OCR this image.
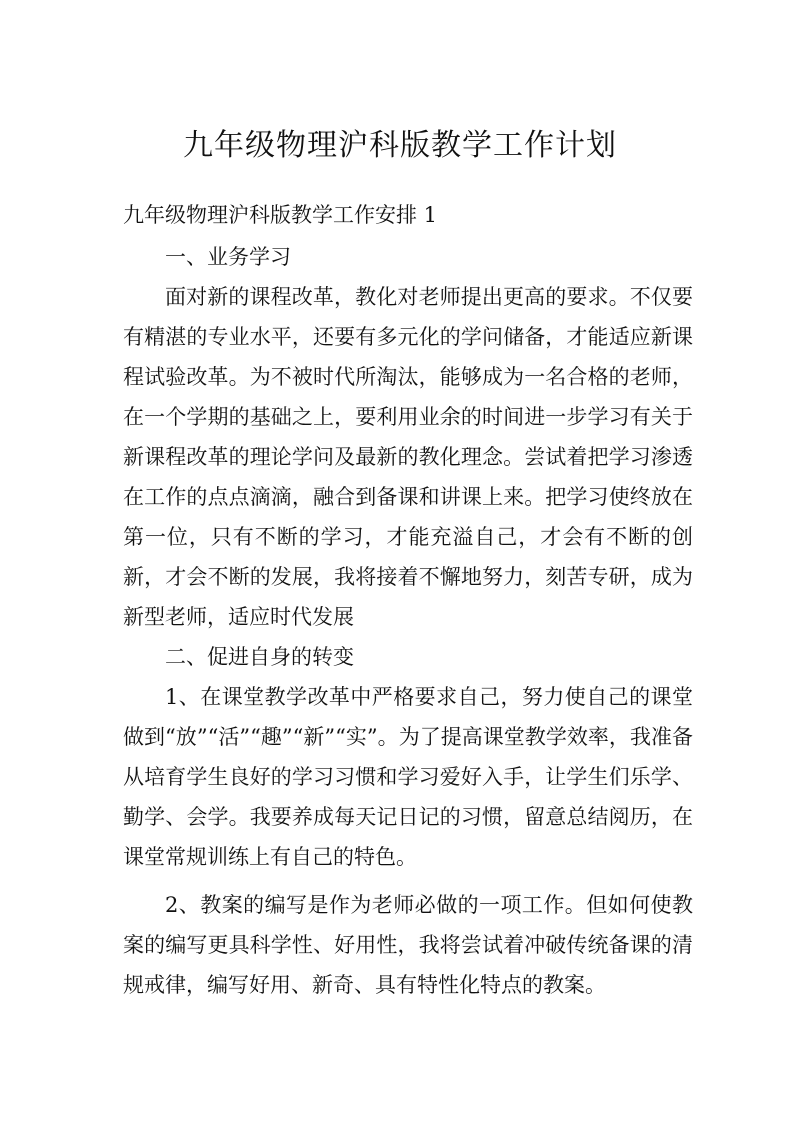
九年级物理沪科版教学工作计划

九年级物理沪科版教学工作安排 1

一、业务学习

面对新的课程改革，教化对老师提出更高的要求。不仅要有精湛的专业水平，还要有多元化的学问储备，才能适应新课程试验改革。为不被时代所淘汰，能够成为一名合格的老师，在一个学期的基础之上，要利用业余的时间进一步学习有关于新课程改革的理论学问及最新的教化理念。尝试着把学习渗透在工作的点点滴滴，融合到备课和讲课上来。把学习使终放在第一位，只有不断的学习，才能充溢自己，才会有不断的创新，才会不断的发展，我将接着不懈地努力，刻苦专研，成为新型老师，适应时代发展

二、促进自身的转变

1、在课堂教学改革中严格要求自己，努力使自己的课堂做到“放”“活”“趣”“新”“实”。为了提高课堂教学效率，我准备从培育学生良好的学习习惯和学习爱好入手，让学生们乐学、勤学、会学。我要养成每天记日记的习惯，留意总结阅历，在课堂常规训练上有自己的特色。

2、教案的编写是作为老师必做的一项工作。但如何使教案的编写更具科学性、好用性，我将尝试着冲破传统备课的清规戒律，编写好用、新奇、具有特性化特点的教案。
